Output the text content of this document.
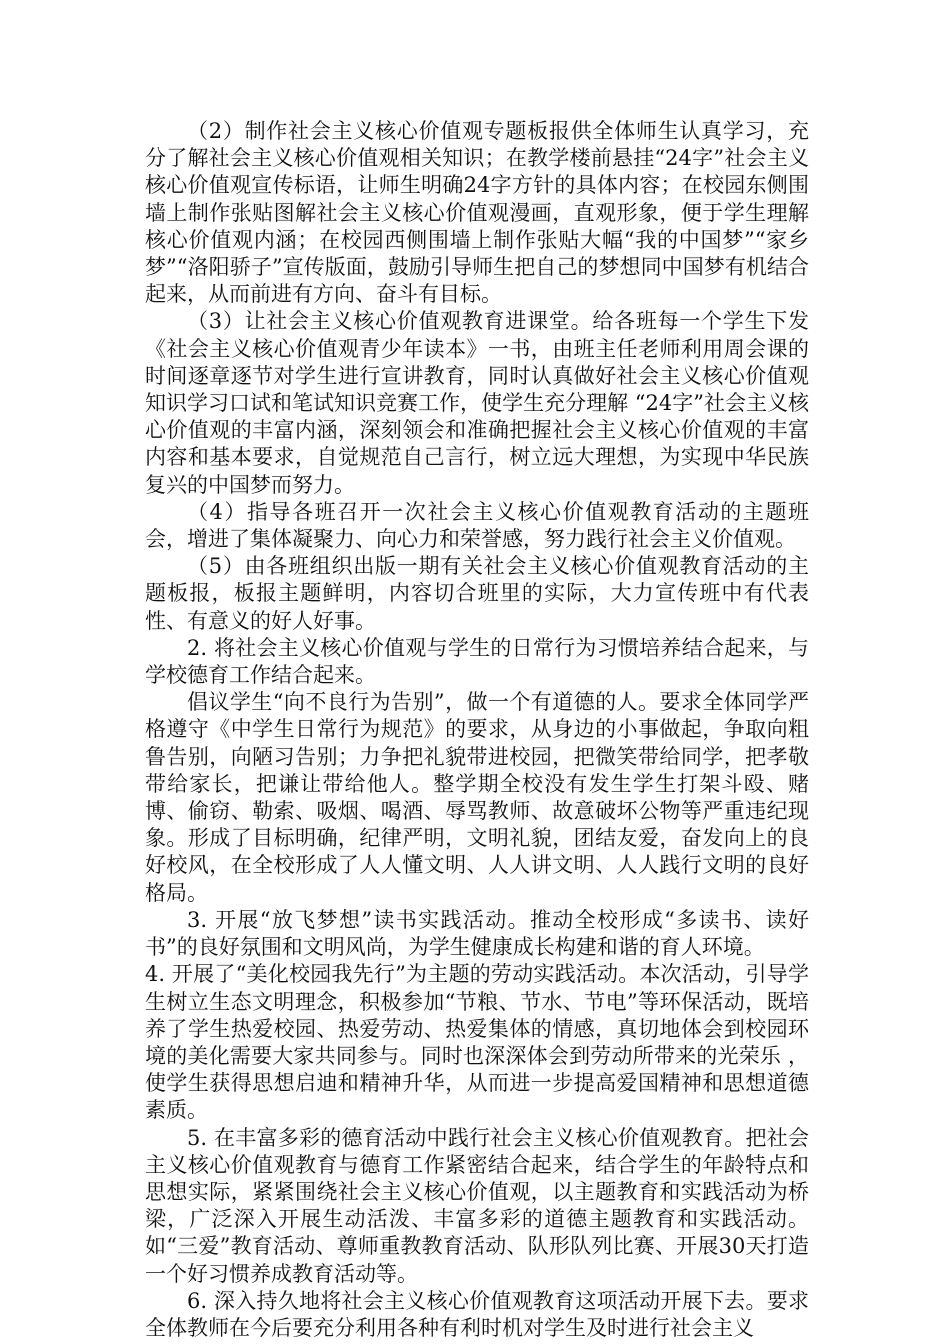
（2）制作社会主义核心价值观专题板报供全体师生认真学习，充分了解社会主义核心价值观相关知识；在教学楼前悬挂“24字”社会主义核心价值观宣传标语，让师生明确24字方针的具体内容；在校园东侧围墙上制作张贴图解社会主义核心价值观漫画，直观形象，便于学生理解核心价值观内涵；在校园西侧围墙上制作张贴大幅“我的中国梦”“家乡梦”“洛阳骄子”宣传版面，鼓励引导师生把自己的梦想同中国梦有机结合起来，从而前进有方向、奋斗有目标。

（3）让社会主义核心价值观教育进课堂。给各班每一个学生下发《社会主义核心价值观青少年读本》一书，由班主任老师利用周会课的时间逐章逐节对学生进行宣讲教育，同时认真做好社会主义核心价值观知识学习口试和笔试知识竞赛工作，使学生充分理解 “24字”社会主义核心价值观的丰富内涵，深刻领会和准确把握社会主义核心价值观的丰富内容和基本要求，自觉规范自己言行，树立远大理想，为实现中华民族复兴的中国梦而努力。

（4）指导各班召开一次社会主义核心价值观教育活动的主题班会，增进了集体凝聚力、向心力和荣誉感，努力践行社会主义价值观。

（5）由各班组织出版一期有关社会主义核心价值观教育活动的主题板报，板报主题鲜明，内容切合班里的实际，大力宣传班中有代表性、有意义的好人好事。

2. 将社会主义核心价值观与学生的日常行为习惯培养结合起来，与学校德育工作结合起来。

倡议学生“向不良行为告别”，做一个有道德的人。要求全体同学严格遵守《中学生日常行为规范》的要求，从身边的小事做起，争取向粗鲁告别，向陋习告别；力争把礼貌带进校园，把微笑带给同学，把孝敬带给家长，把谦让带给他人。整学期全校没有发生学生打架斗殴、赌博、偷窃、勒索、吸烟、喝酒、辱骂教师、故意破坏公物等严重违纪现象。形成了目标明确，纪律严明，文明礼貌，团结友爱，奋发向上的良好校风，在全校形成了人人懂文明、人人讲文明、人人践行文明的良好格局。

3. 开展“放飞梦想”读书实践活动。推动全校形成“多读书、读好书”的良好氛围和文明风尚，为学生健康成长构建和谐的育人环境。

4. 开展了“美化校园我先行”为主题的劳动实践活动。本次活动，引导学生树立生态文明理念，积极参加“节粮、节水、节电”等环保活动，既培养了学生热爱校园、热爱劳动、热爱集体的情感，真切地体会到校园环境的美化需要大家共同参与。同时也深深体会到劳动所带来的光荣乐 ，使学生获得思想启迪和精神升华，从而进一步提高爱国精神和思想道德素质。

5. 在丰富多彩的德育活动中践行社会主义核心价值观教育。把社会主义核心价值观教育与德育工作紧密结合起来，结合学生的年龄特点和思想实际，紧紧围绕社会主义核心价值观，以主题教育和实践活动为桥梁，广泛深入开展生动活泼、丰富多彩的道德主题教育和实践活动。如“三爱”教育活动、尊师重教教育活动、队形队列比赛、开展30天打造一个好习惯养成教育活动等。

6. 深入持久地将社会主义核心价值观教育这项活动开展下去。要求全体教师在今后要充分利用各种有利时机对学生及时进行社会主义
